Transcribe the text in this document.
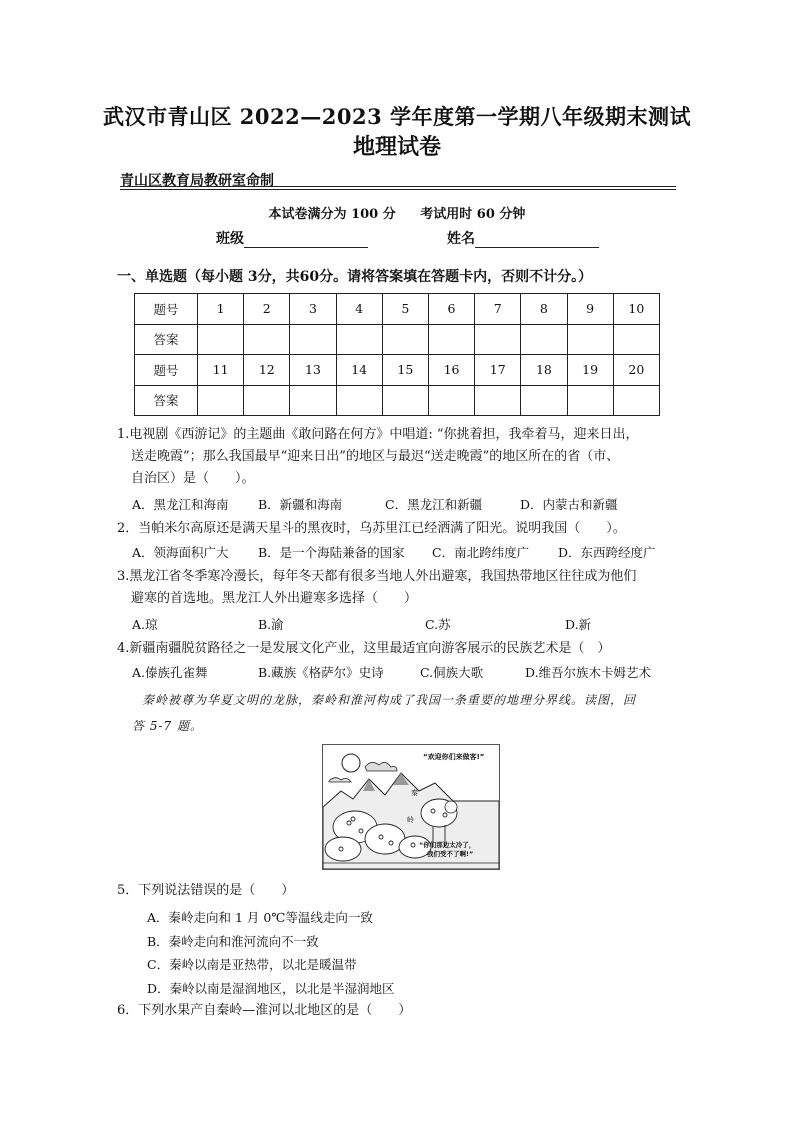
武汉市青山区 2022—2023 学年度第一学期八年级期末测试
地理试卷
青山区教育局教研室命制
本试卷满分为 100 分 考试用时 60 分钟
班级	姓名
一、单选题（每小题 3分，共60分。请将答案填在答题卡内，否则不计分。）
题号	1	2	3	4	5	6	7	8	9	10
答案										
题号	11	12	13	14	15	16	17	18	19	20
答案										
1.电视剧《西游记》的主题曲《敢问路在何方》中唱道: “你挑着担，我牵着马，迎来日出，
送走晚霞”；那么我国最早“迎来日出”的地区与最迟“送走晚霞”的地区所在的省（市、
自治区）是（　　）。
A．黑龙江和海南 B．新疆和海南	C．黑龙江和新疆	D．内蒙古和新疆
2．当帕米尔高原还是满天星斗的黑夜时，乌苏里江已经洒满了阳光。说明我国（　　）。
A．领海面积广大 B．是一个海陆兼备的国家 C．南北跨纬度广 D．东西跨经度广
3.黑龙江省冬季寒冷漫长，每年冬天都有很多当地人外出避寒，我国热带地区往往成为他们
避寒的首选地。黑龙江人外出避寒多选择（　　）
A.琼	B.渝	C.苏	D.新
4.新疆南疆脱贫路径之一是发展文化产业，这里最适宜向游客展示的民族艺术是（　）
A.傣族孔雀舞	B.藏族《格萨尔》史诗	C.侗族大歌	D.维吾尔族木卡姆艺术
秦岭被尊为华夏文明的龙脉，秦岭和淮河构成了我国一条重要的地理分界线。读图，回
答 5-7 题。
“欢迎你们来做客!”
“你们那边太冷了，
我们受不了啊!”
秦
岭
5．下列说法错误的是（　　）
A．秦岭走向和 1 月 0℃等温线走向一致
B．秦岭走向和淮河流向不一致
C．秦岭以南是亚热带，以北是暖温带
D．秦岭以南是湿润地区，以北是半湿润地区
6．下列水果产自秦岭—淮河以北地区的是（　　）
